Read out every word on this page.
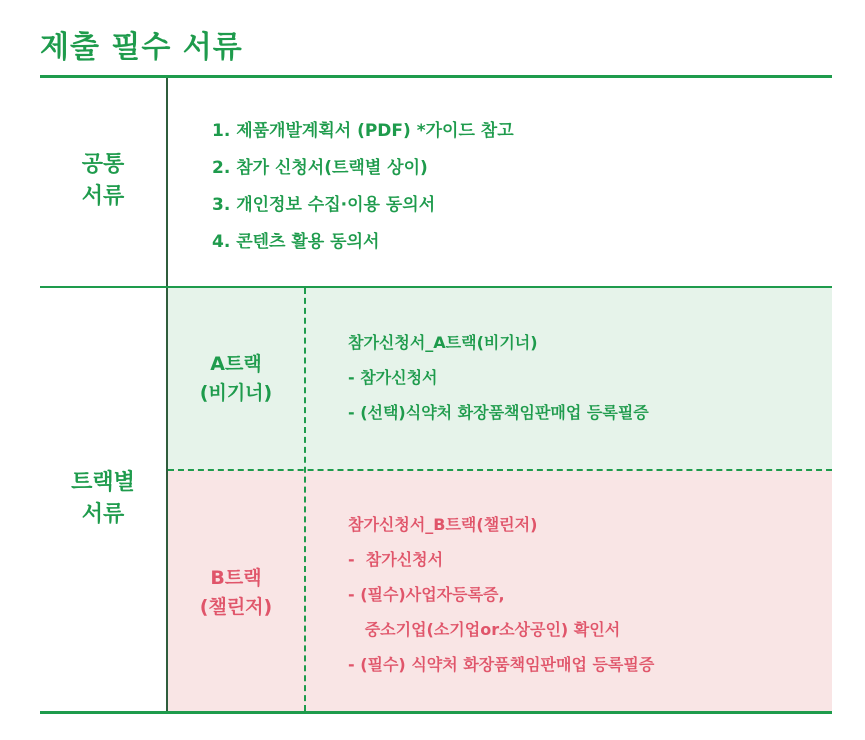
제출 필수 서류
공통
서류
1. 제품개발계획서 (PDF) *가이드 참고
2. 참가 신청서(트랙별 상이)
3. 개인정보 수집·이용 동의서
4. 콘텐츠 활용 동의서
트랙별
서류
A트랙
(비기너)
참가신청서_A트랙(비기너)
- 참가신청서
- (선택)식약처 화장품책임판매업 등록필증
B트랙
(챌린저)
참가신청서_B트랙(챌린저)
-  참가신청서
- (필수)사업자등록증,
중소기업(소기업or소상공인) 확인서
- (필수) 식약처 화장품책임판매업 등록필증
